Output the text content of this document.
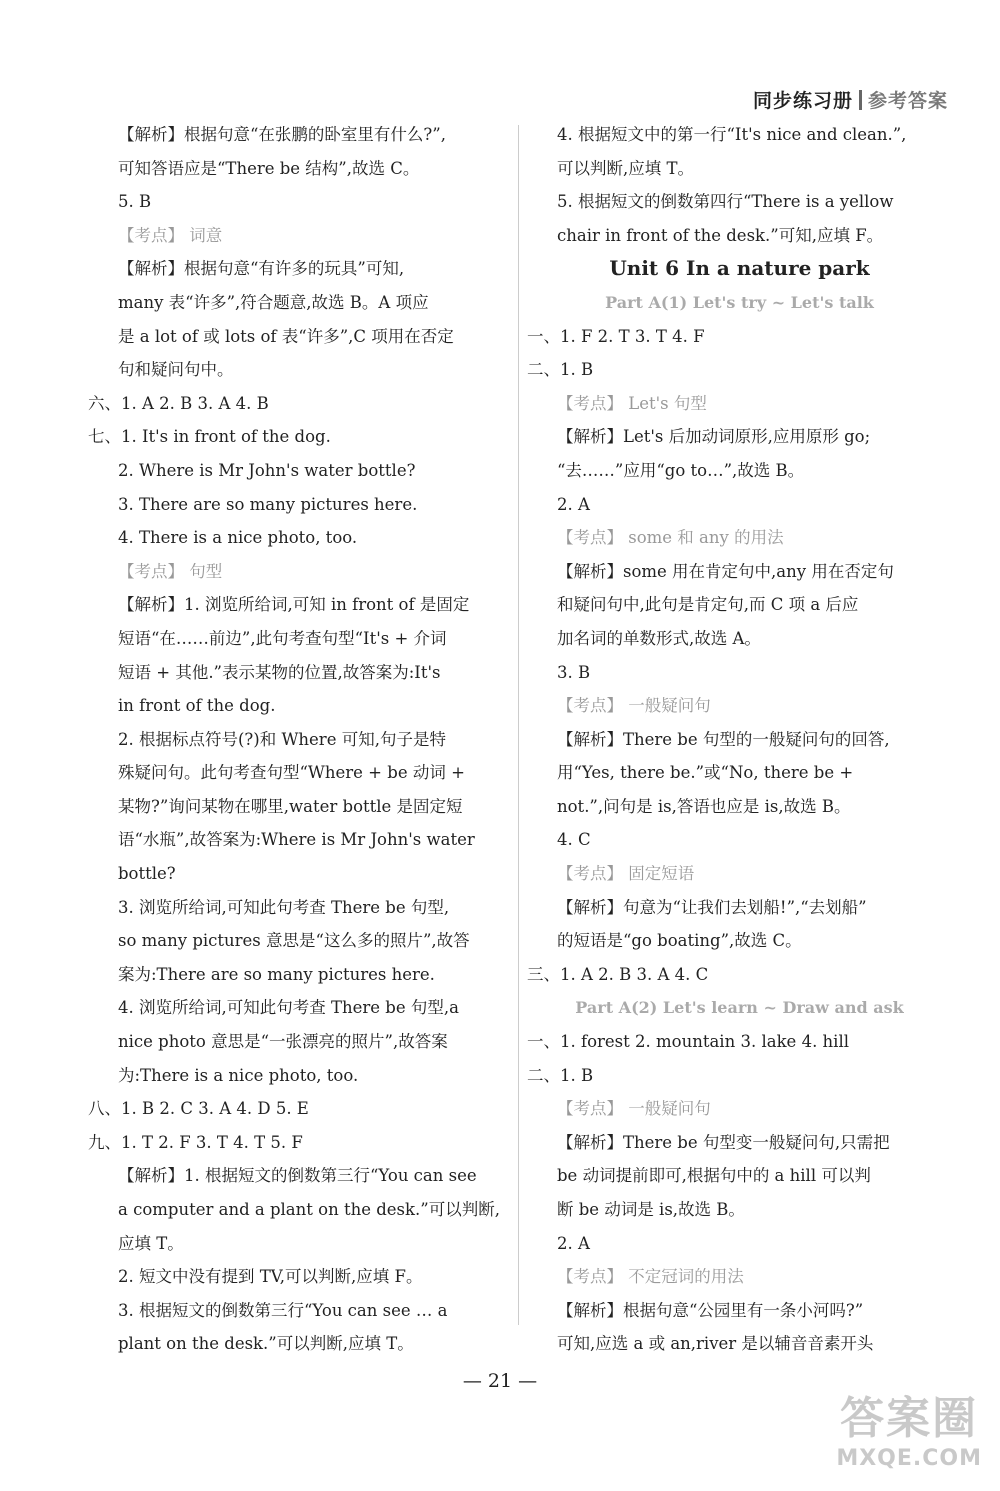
同步练习册 参考答案
【解析】根据句意“在张鹏的卧室里有什么?”,
可知答语应是“There be 结构”,故选 C。
5. B
【考点】 词意
【解析】根据句意“有许多的玩具”可知,
many 表“许多”,符合题意,故选 B。A 项应
是 a lot of 或 lots of 表“许多”,C 项用在否定
句和疑问句中。
六、1. A 2. B 3. A 4. B
七、1. It's in front of the dog.
2. Where is Mr John's water bottle?
3. There are so many pictures here.
4. There is a nice photo, too.
【考点】 句型
【解析】1. 浏览所给词,可知 in front of 是固定
短语“在……前边”,此句考查句型“It's + 介词
短语 + 其他.”表示某物的位置,故答案为:It's
in front of the dog.
2. 根据标点符号(?)和 Where 可知,句子是特
殊疑问句。此句考查句型“Where + be 动词 +
某物?”询问某物在哪里,water bottle 是固定短
语“水瓶”,故答案为:Where is Mr John's water
bottle?
3. 浏览所给词,可知此句考查 There be 句型,
so many pictures 意思是“这么多的照片”,故答
案为:There are so many pictures here.
4. 浏览所给词,可知此句考查 There be 句型,a
nice photo 意思是“一张漂亮的照片”,故答案
为:There is a nice photo, too.
八、1. B 2. C 3. A 4. D 5. E
九、1. T 2. F 3. T 4. T 5. F
【解析】1. 根据短文的倒数第三行“You can see
a computer and a plant on the desk.”可以判断,
应填 T。
2. 短文中没有提到 TV,可以判断,应填 F。
3. 根据短文的倒数第三行“You can see … a
plant on the desk.”可以判断,应填 T。
4. 根据短文中的第一行“It's nice and clean.”,
可以判断,应填 T。
5. 根据短文的倒数第四行“There is a yellow
chair in front of the desk.”可知,应填 F。
Unit 6 In a nature park
Part A(1) Let's try ~ Let's talk
一、1. F 2. T 3. T 4. F
二、1. B
【考点】 Let's 句型
【解析】Let's 后加动词原形,应用原形 go;
“去……”应用“go to…”,故选 B。
2. A
【考点】 some 和 any 的用法
【解析】some 用在肯定句中,any 用在否定句
和疑问句中,此句是肯定句,而 C 项 a 后应
加名词的单数形式,故选 A。
3. B
【考点】 一般疑问句
【解析】There be 句型的一般疑问句的回答,
用“Yes, there be.”或“No, there be +
not.”,问句是 is,答语也应是 is,故选 B。
4. C
【考点】 固定短语
【解析】句意为“让我们去划船!”,“去划船”
的短语是“go boating”,故选 C。
三、1. A 2. B 3. A 4. C
Part A(2) Let's learn ~ Draw and ask
一、1. forest 2. mountain 3. lake 4. hill
二、1. B
【考点】 一般疑问句
【解析】There be 句型变一般疑问句,只需把
be 动词提前即可,根据句中的 a hill 可以判
断 be 动词是 is,故选 B。
2. A
【考点】 不定冠词的用法
【解析】根据句意“公园里有一条小河吗?”
可知,应选 a 或 an,river 是以辅音音素开头
— 21 —
答案圈
MXQE.COM
